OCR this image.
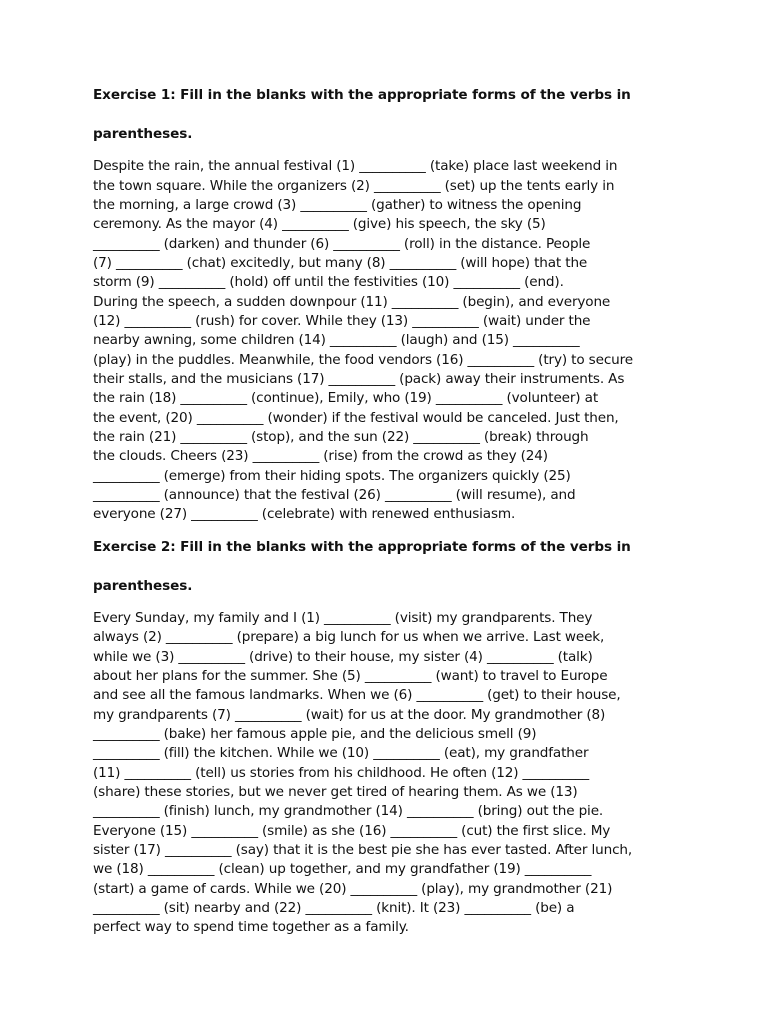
Exercise 1: Fill in the blanks with the appropriate forms of the verbs in

parentheses.
Despite the rain, the annual festival (1) __________ (take) place last weekend in
the town square. While the organizers (2) __________ (set) up the tents early in
the morning, a large crowd (3) __________ (gather) to witness the opening
ceremony. As the mayor (4) __________ (give) his speech, the sky (5)
__________ (darken) and thunder (6) __________ (roll) in the distance. People
(7) __________ (chat) excitedly, but many (8) __________ (will hope) that the
storm (9) __________ (hold) off until the festivities (10) __________ (end).
During the speech, a sudden downpour (11) __________ (begin), and everyone
(12) __________ (rush) for cover. While they (13) __________ (wait) under the
nearby awning, some children (14) __________ (laugh) and (15) __________
(play) in the puddles. Meanwhile, the food vendors (16) __________ (try) to secure
their stalls, and the musicians (17) __________ (pack) away their instruments. As
the rain (18) __________ (continue), Emily, who (19) __________ (volunteer) at
the event, (20) __________ (wonder) if the festival would be canceled. Just then,
the rain (21) __________ (stop), and the sun (22) __________ (break) through
the clouds. Cheers (23) __________ (rise) from the crowd as they (24)
__________ (emerge) from their hiding spots. The organizers quickly (25)
__________ (announce) that the festival (26) __________ (will resume), and
everyone (27) __________ (celebrate) with renewed enthusiasm.
Exercise 2: Fill in the blanks with the appropriate forms of the verbs in

parentheses.
Every Sunday, my family and I (1) __________ (visit) my grandparents. They
always (2) __________ (prepare) a big lunch for us when we arrive. Last week,
while we (3) __________ (drive) to their house, my sister (4) __________ (talk)
about her plans for the summer. She (5) __________ (want) to travel to Europe
and see all the famous landmarks. When we (6) __________ (get) to their house,
my grandparents (7) __________ (wait) for us at the door. My grandmother (8)
__________ (bake) her famous apple pie, and the delicious smell (9)
__________ (fill) the kitchen. While we (10) __________ (eat), my grandfather
(11) __________ (tell) us stories from his childhood. He often (12) __________
(share) these stories, but we never get tired of hearing them. As we (13)
__________ (finish) lunch, my grandmother (14) __________ (bring) out the pie.
Everyone (15) __________ (smile) as she (16) __________ (cut) the first slice. My
sister (17) __________ (say) that it is the best pie she has ever tasted. After lunch,
we (18) __________ (clean) up together, and my grandfather (19) __________
(start) a game of cards. While we (20) __________ (play), my grandmother (21)
__________ (sit) nearby and (22) __________ (knit). It (23) __________ (be) a
perfect way to spend time together as a family.
